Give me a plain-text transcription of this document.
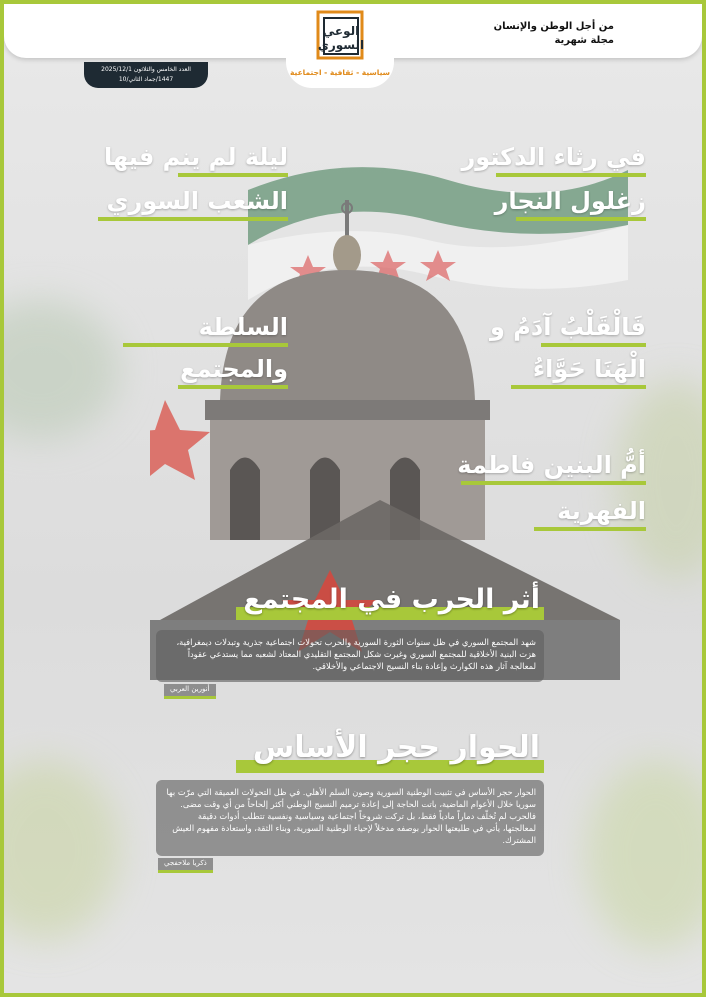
من أجل الوطن والإنسان
مجلة شهرية
الوعي السوري
سياسية - ثقافية - اجتماعية
العدد الخامس والثلاثون 2025/12/1
1447/جماد الثاني/10
في رثاء الدكتور
زغلول النجار
ليلة لم ينم فيها
الشعب السوري
فَالْقَلْبُ آدَمُ و
الْهَنَا حَوَّاءُ
السلطة
والمجتمع
أمُّ البنين فاطمة
الفهرية
أثر الحرب في المجتمع
شهد المجتمع السوري في ظل سنوات الثورة السورية والحرب تحولات اجتماعية جذرية وتبدلات ديمغرافية، هزت البنية الأخلاقية للمجتمع السوري وغيرت شكل المجتمع التقليدي المعتاد لشعبه مما يستدعي عقوداً لمعالجة آثار هذه الكوارث وإعادة بناء النسيج الاجتماعي والأخلاقي.
أنورين العربي
الحوار حجر الأساس
الحوار حجر الأساس في تثبيت الوطنية السورية وصون السلم الأهلي. في ظل التحولات العميقة التي مرّت بها سوريا خلال الأعوام الماضية، باتت الحاجة إلى إعادة ترميم النسيج الوطني أكثر إلحاحاً من أي وقت مضى. فالحرب لم تُخلّف دماراً مادياً فقط، بل تركت شروخاً اجتماعية وسياسية ونفسية تتطلب أدوات دقيقة لمعالجتها، يأتي في طليعتها الحوار بوصفه مدخلاً لإحياء الوطنية السورية، وبناء الثقة، واستعادة مفهوم العيش المشترك.
ذكريا ملاحفجي
